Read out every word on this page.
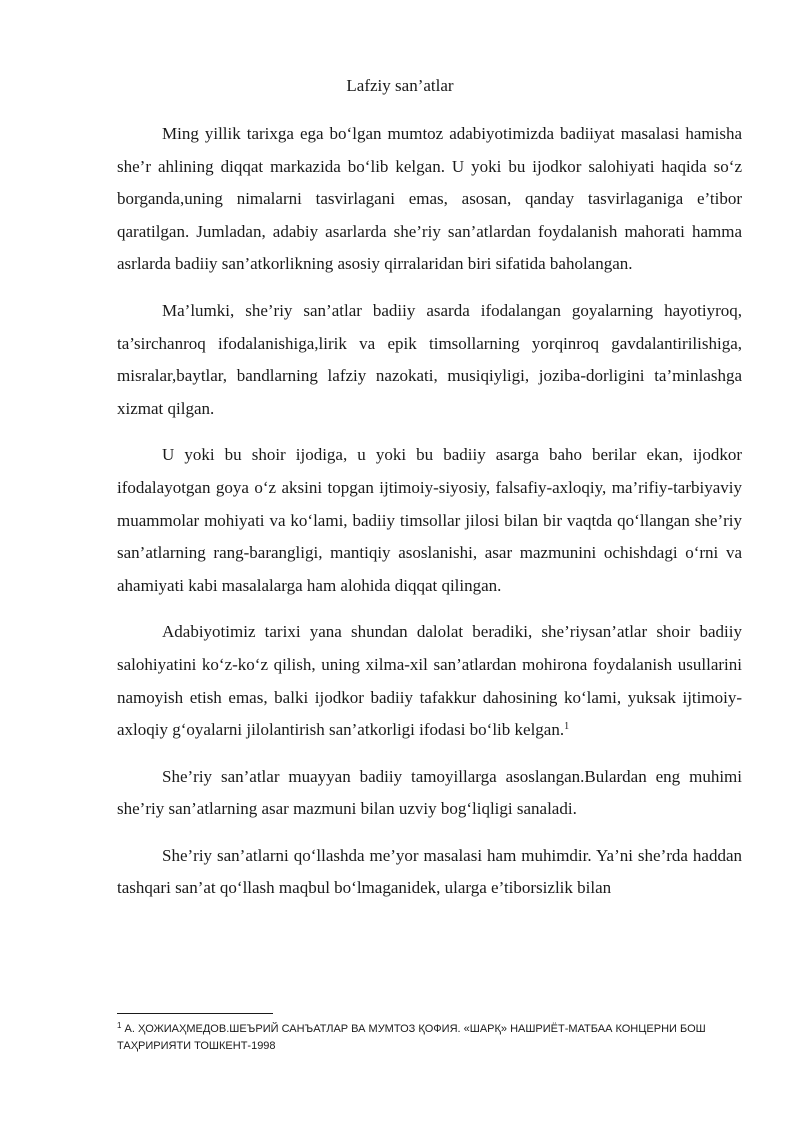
Lafziy san’atlar

Ming yillik tarixga ega bo‘lgan mumtoz adabiyotimizda badiiyat masalasi hamisha she’r ahlining diqqat markazida bo‘lib kelgan. U yoki bu ijodkor salohiyati haqida so‘z borganda,uning nimalarni tasvirlagani emas, asosan, qanday tasvirlaganiga e’tibor qaratilgan. Jumladan, adabiy asarlarda she’riy san’atlardan foydalanish mahorati hamma asrlarda badiiy san’atkorlikning asosiy qirralaridan biri sifatida baholangan.

Ma’lumki, she’riy san’atlar badiiy asarda ifodalangan goyalarning hayotiyroq, ta’sirchanroq ifodalanishiga,lirik va epik timsollarning yorqinroq gavdalantirilishiga, misralar,baytlar, bandlarning lafziy nazokati, musiqiyligi, joziba-dorligini ta’minlashga xizmat qilgan.

U yoki bu shoir ijodiga, u yoki bu badiiy asarga baho berilar ekan, ijodkor ifodalayotgan goya o‘z aksini topgan ijtimoiy-siyosiy, falsafiy-axloqiy, ma’rifiy-tarbiyaviy muammolar mohiyati va ko‘lami, badiiy timsollar jilosi bilan bir vaqtda qo‘llangan she’riy san’atlarning rang-barangligi, mantiqiy asoslanishi, asar mazmunini ochishdagi o‘rni va ahamiyati kabi masalalarga ham alohida diqqat qilingan.

Adabiyotimiz tarixi yana shundan dalolat beradiki, she’riysan’atlar shoir badiiy salohiyatini ko‘z-ko‘z qilish, uning xilma-xil san’atlardan mohirona foydalanish usullarini namoyish etish emas, balki ijodkor badiiy tafakkur dahosining ko‘lami, yuksak ijtimoiy-axloqiy g‘oyalarni jilolantirish san’atkorligi ifodasi bo‘lib kelgan.$^1$

She’riy san’atlar muayyan badiiy tamoyillarga asoslangan.Bulardan eng muhimi she’riy san’atlarning asar mazmuni bilan uzviy bog‘liqligi sanaladi.

She’riy san’atlarni qo‘llashda me’yor masalasi ham muhimdir. Ya’ni she’rda haddan tashqari san’at qo‘llash maqbul bo‘lmaganidek, ularga e’tiborsizlik bilan

$^1$ А. ҲОЖИАҲМЕДОВ.ШЕЪРИЙ САНЪАТЛАР ВА МУМТОЗ ҚОФИЯ. «ШАРҚ» НАШРИЁТ-МАТБАА КОНЦЕРНИ БОШ ТАҲРИРИЯТИ ТОШКЕНТ-1998
